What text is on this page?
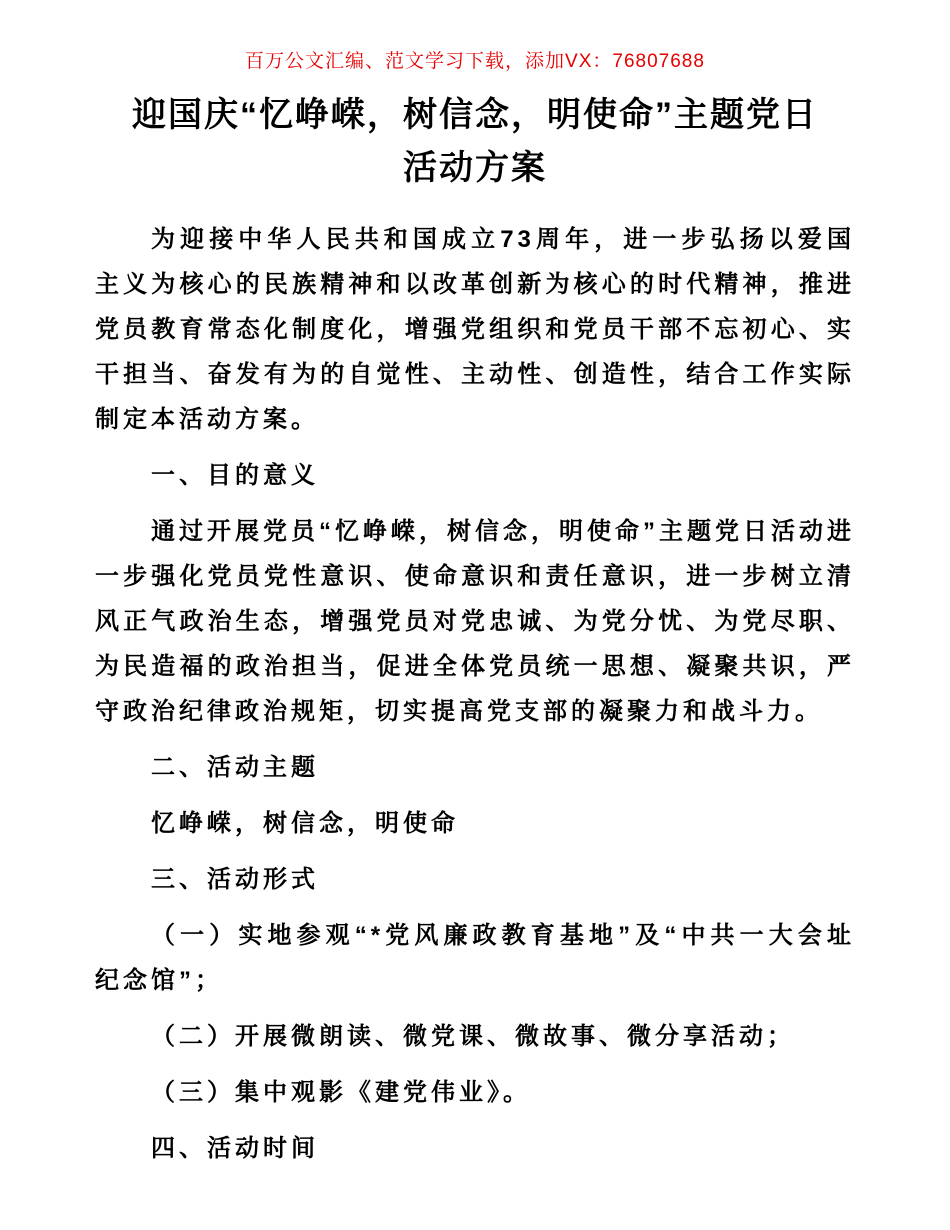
百万公文汇编、范文学习下载，添加VX：76807688
迎国庆“忆峥嵘，树信念，明使命”主题党日
活动方案

为迎接中华人民共和国成立73周年，进一步弘扬以爱国主义为核心的民族精神和以改革创新为核心的时代精神，推进党员教育常态化制度化，增强党组织和党员干部不忘初心、实干担当、奋发有为的自觉性、主动性、创造性，结合工作实际制定本活动方案。

一、目的意义

通过开展党员“忆峥嵘，树信念，明使命”主题党日活动进一步强化党员党性意识、使命意识和责任意识，进一步树立清风正气政治生态，增强党员对党忠诚、为党分忧、为党尽职、为民造福的政治担当，促进全体党员统一思想、凝聚共识，严守政治纪律政治规矩，切实提高党支部的凝聚力和战斗力。

二、活动主题

忆峥嵘，树信念，明使命

三、活动形式

（一）实地参观“*党风廉政教育基地”及“中共一大会址纪念馆”；

（二）开展微朗读、微党课、微故事、微分享活动；

（三）集中观影《建党伟业》。

四、活动时间
